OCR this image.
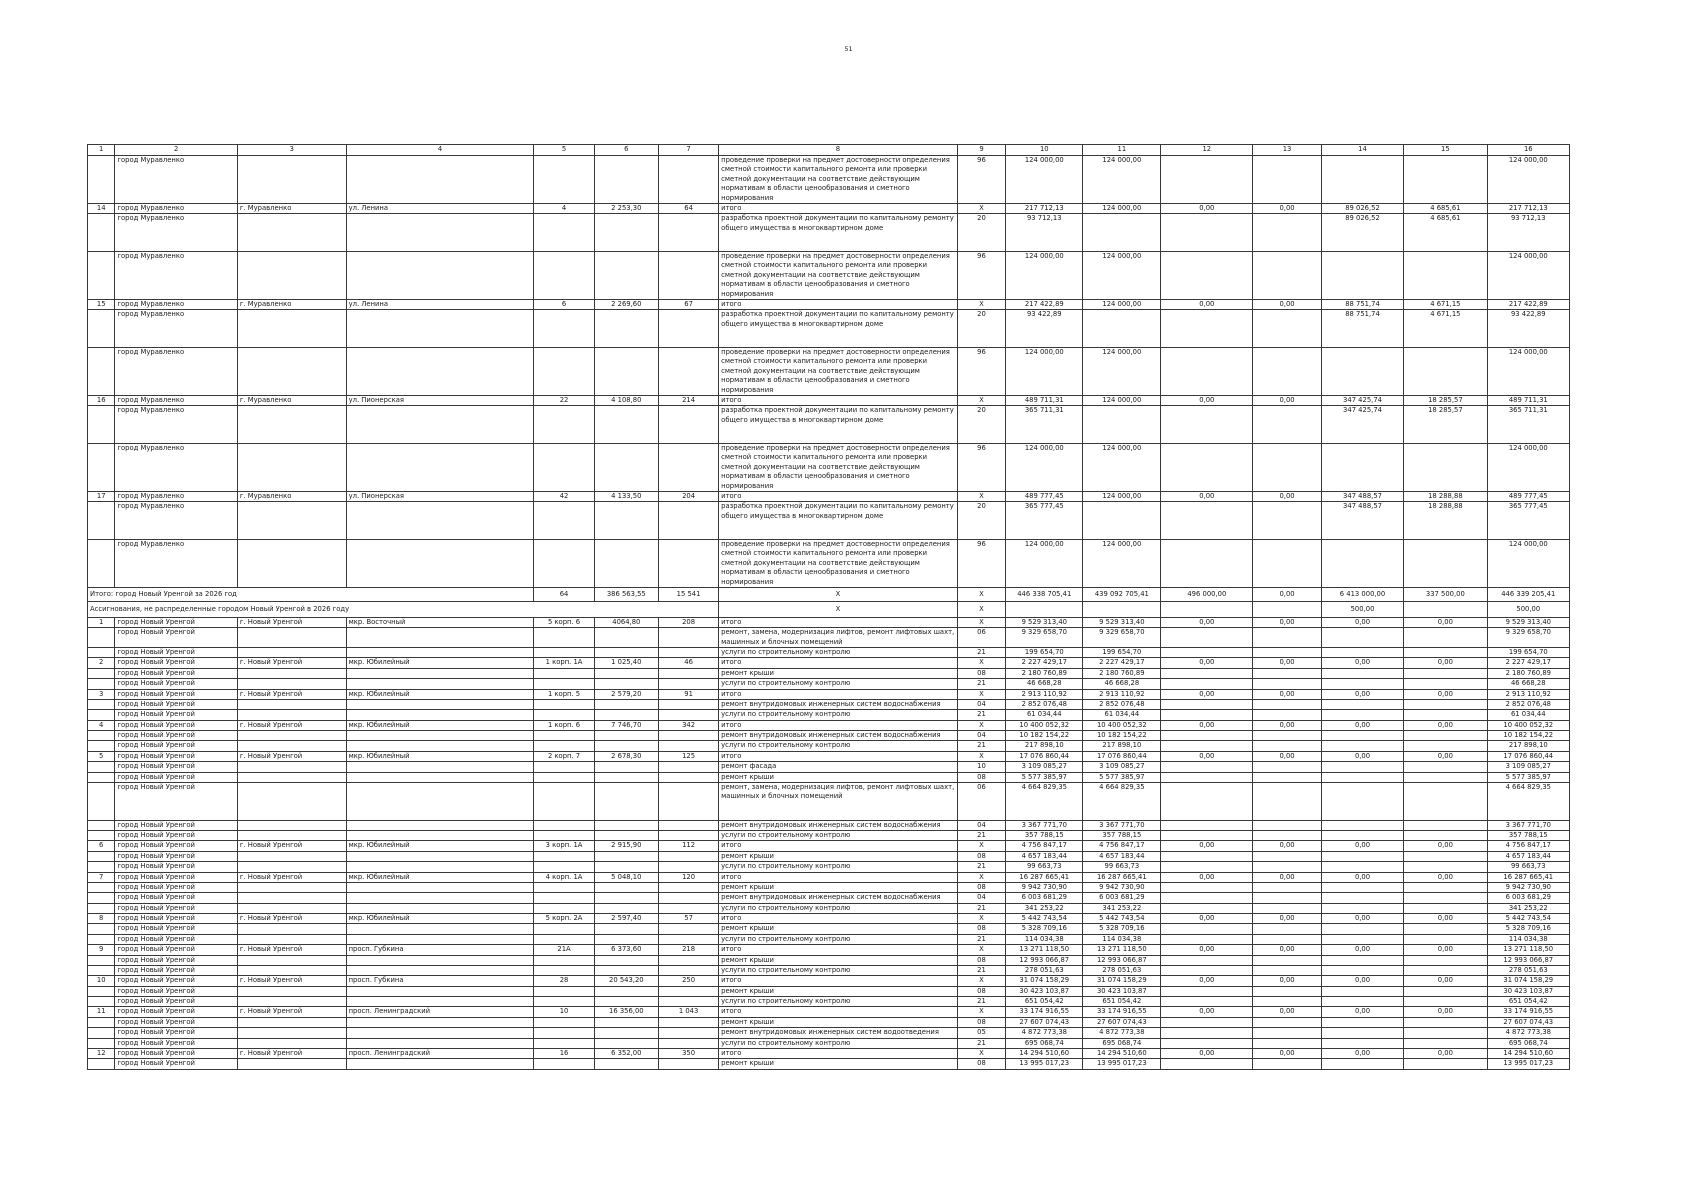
51
1	2	3	4	5	6	7	8	9	10	11	12	13	14	15	16
	город Муравленко						проведение проверки на предмет достоверности определения сметной стоимости капитального ремонта или проверки сметной документации на соответствие действующим нормативам в области ценообразования и сметного нормирования	96	124 000,00	124 000,00					124 000,00
14	город Муравленко	г. Муравленко	ул. Ленина	4	2 253,30	64	итого	X	217 712,13	124 000,00	0,00	0,00	89 026,52	4 685,61	217 712,13
	город Муравленко						разработка проектной документации по капитальному ремонту общего имущества в многоквартирном доме	20	93 712,13				89 026,52	4 685,61	93 712,13
	город Муравленко						проведение проверки на предмет достоверности определения сметной стоимости капитального ремонта или проверки сметной документации на соответствие действующим нормативам в области ценообразования и сметного нормирования	96	124 000,00	124 000,00					124 000,00
15	город Муравленко	г. Муравленко	ул. Ленина	6	2 269,60	67	итого	X	217 422,89	124 000,00	0,00	0,00	88 751,74	4 671,15	217 422,89
	город Муравленко						разработка проектной документации по капитальному ремонту общего имущества в многоквартирном доме	20	93 422,89				88 751,74	4 671,15	93 422,89
	город Муравленко						проведение проверки на предмет достоверности определения сметной стоимости капитального ремонта или проверки сметной документации на соответствие действующим нормативам в области ценообразования и сметного нормирования	96	124 000,00	124 000,00					124 000,00
16	город Муравленко	г. Муравленко	ул. Пионерская	22	4 108,80	214	итого	X	489 711,31	124 000,00	0,00	0,00	347 425,74	18 285,57	489 711,31
	город Муравленко						разработка проектной документации по капитальному ремонту общего имущества в многоквартирном доме	20	365 711,31				347 425,74	18 285,57	365 711,31
	город Муравленко						проведение проверки на предмет достоверности определения сметной стоимости капитального ремонта или проверки сметной документации на соответствие действующим нормативам в области ценообразования и сметного нормирования	96	124 000,00	124 000,00					124 000,00
17	город Муравленко	г. Муравленко	ул. Пионерская	42	4 133,50	204	итого	X	489 777,45	124 000,00	0,00	0,00	347 488,57	18 288,88	489 777,45
	город Муравленко						разработка проектной документации по капитальному ремонту общего имущества в многоквартирном доме	20	365 777,45				347 488,57	18 288,88	365 777,45
	город Муравленко						проведение проверки на предмет достоверности определения сметной стоимости капитального ремонта или проверки сметной документации на соответствие действующим нормативам в области ценообразования и сметного нормирования	96	124 000,00	124 000,00					124 000,00
Итого: город Новый Уренгой за 2026 год				64	386 563,55	15 541	X	X	446 338 705,41	439 092 705,41	496 000,00	0,00	6 413 000,00	337 500,00	446 339 205,41
Ассигнования, не распределенные городом Новый Уренгой в 2026 году							X	X					500,00		500,00
1	город Новый Уренгой	г. Новый Уренгой	мкр. Восточный	5 корп. 6	4064,80	208	итого	X	9 529 313,40	9 529 313,40	0,00	0,00	0,00	0,00	9 529 313,40
	город Новый Уренгой						ремонт, замена, модернизация лифтов, ремонт лифтовых шахт, машинных и блочных помещений	06	9 329 658,70	9 329 658,70					9 329 658,70
	город Новый Уренгой						услуги по строительному контролю	21	199 654,70	199 654,70					199 654,70
2	город Новый Уренгой	г. Новый Уренгой	мкр. Юбилейный	1 корп. 1А	1 025,40	46	итого	X	2 227 429,17	2 227 429,17	0,00	0,00	0,00	0,00	2 227 429,17
	город Новый Уренгой						ремонт крыши	08	2 180 760,89	2 180 760,89					2 180 760,89
	город Новый Уренгой						услуги по строительному контролю	21	46 668,28	46 668,28					46 668,28
3	город Новый Уренгой	г. Новый Уренгой	мкр. Юбилейный	1 корп. 5	2 579,20	91	итого	X	2 913 110,92	2 913 110,92	0,00	0,00	0,00	0,00	2 913 110,92
	город Новый Уренгой						ремонт внутридомовых инженерных систем водоснабжения	04	2 852 076,48	2 852 076,48					2 852 076,48
	город Новый Уренгой						услуги по строительному контролю	21	61 034,44	61 034,44					61 034,44
4	город Новый Уренгой	г. Новый Уренгой	мкр. Юбилейный	1 корп. 6	7 746,70	342	итого	X	10 400 052,32	10 400 052,32	0,00	0,00	0,00	0,00	10 400 052,32
	город Новый Уренгой						ремонт внутридомовых инженерных систем водоснабжения	04	10 182 154,22	10 182 154,22					10 182 154,22
	город Новый Уренгой						услуги по строительному контролю	21	217 898,10	217 898,10					217 898,10
5	город Новый Уренгой	г. Новый Уренгой	мкр. Юбилейный	2 корп. 7	2 678,30	125	итого	X	17 076 860,44	17 076 860,44	0,00	0,00	0,00	0,00	17 076 860,44
	город Новый Уренгой						ремонт фасада	10	3 109 085,27	3 109 085,27					3 109 085,27
	город Новый Уренгой						ремонт крыши	08	5 577 385,97	5 577 385,97					5 577 385,97
	город Новый Уренгой						ремонт, замена, модернизация лифтов, ремонт лифтовых шахт, машинных и блочных помещений	06	4 664 829,35	4 664 829,35					4 664 829,35
	город Новый Уренгой						ремонт внутридомовых инженерных систем водоснабжения	04	3 367 771,70	3 367 771,70					3 367 771,70
	город Новый Уренгой						услуги по строительному контролю	21	357 788,15	357 788,15					357 788,15
6	город Новый Уренгой	г. Новый Уренгой	мкр. Юбилейный	3 корп. 1А	2 915,90	112	итого	X	4 756 847,17	4 756 847,17	0,00	0,00	0,00	0,00	4 756 847,17
	город Новый Уренгой						ремонт крыши	08	4 657 183,44	4 657 183,44					4 657 183,44
	город Новый Уренгой						услуги по строительному контролю	21	99 663,73	99 663,73					99 663,73
7	город Новый Уренгой	г. Новый Уренгой	мкр. Юбилейный	4 корп. 1А	5 048,10	120	итого	X	16 287 665,41	16 287 665,41	0,00	0,00	0,00	0,00	16 287 665,41
	город Новый Уренгой						ремонт крыши	08	9 942 730,90	9 942 730,90					9 942 730,90
	город Новый Уренгой						ремонт внутридомовых инженерных систем водоснабжения	04	6 003 681,29	6 003 681,29					6 003 681,29
	город Новый Уренгой						услуги по строительному контролю	21	341 253,22	341 253,22					341 253,22
8	город Новый Уренгой	г. Новый Уренгой	мкр. Юбилейный	5 корп. 2А	2 597,40	57	итого	X	5 442 743,54	5 442 743,54	0,00	0,00	0,00	0,00	5 442 743,54
	город Новый Уренгой						ремонт крыши	08	5 328 709,16	5 328 709,16					5 328 709,16
	город Новый Уренгой						услуги по строительному контролю	21	114 034,38	114 034,38					114 034,38
9	город Новый Уренгой	г. Новый Уренгой	просп. Губкина	21А	6 373,60	218	итого	X	13 271 118,50	13 271 118,50	0,00	0,00	0,00	0,00	13 271 118,50
	город Новый Уренгой						ремонт крыши	08	12 993 066,87	12 993 066,87					12 993 066,87
	город Новый Уренгой						услуги по строительному контролю	21	278 051,63	278 051,63					278 051,63
10	город Новый Уренгой	г. Новый Уренгой	просп. Губкина	28	20 543,20	250	итого	X	31 074 158,29	31 074 158,29	0,00	0,00	0,00	0,00	31 074 158,29
	город Новый Уренгой						ремонт крыши	08	30 423 103,87	30 423 103,87					30 423 103,87
	город Новый Уренгой						услуги по строительному контролю	21	651 054,42	651 054,42					651 054,42
11	город Новый Уренгой	г. Новый Уренгой	просп. Ленинградский	10	16 356,00	1 043	итого	X	33 174 916,55	33 174 916,55	0,00	0,00	0,00	0,00	33 174 916,55
	город Новый Уренгой						ремонт крыши	08	27 607 074,43	27 607 074,43					27 607 074,43
	город Новый Уренгой						ремонт внутридомовых инженерных систем водоотведения	05	4 872 773,38	4 872 773,38					4 872 773,38
	город Новый Уренгой						услуги по строительному контролю	21	695 068,74	695 068,74					695 068,74
12	город Новый Уренгой	г. Новый Уренгой	просп. Ленинградский	16	6 352,00	350	итого	X	14 294 510,60	14 294 510,60	0,00	0,00	0,00	0,00	14 294 510,60
	город Новый Уренгой						ремонт крыши	08	13 995 017,23	13 995 017,23					13 995 017,23
